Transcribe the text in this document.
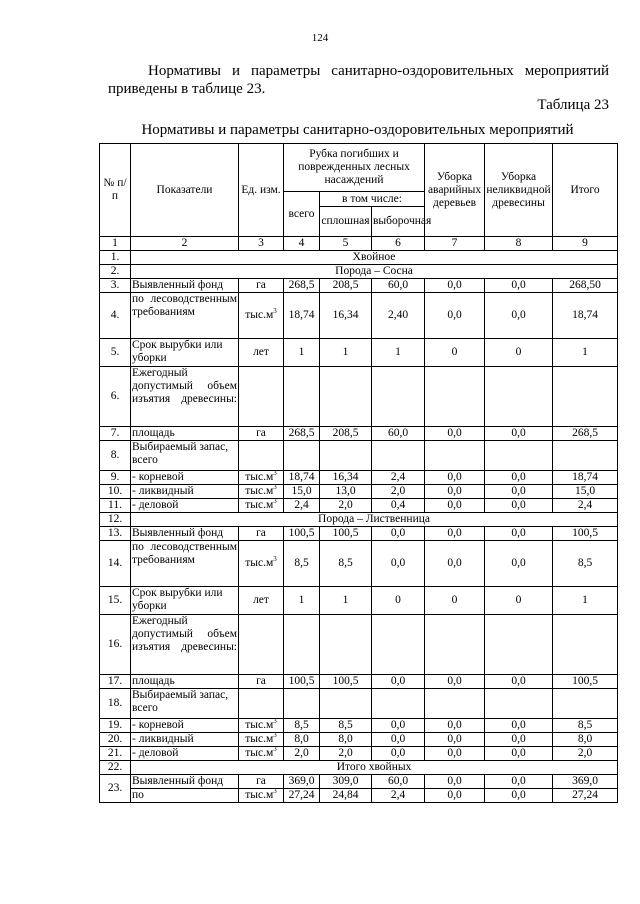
124
Нормативы и параметры санитарно-оздоровительных мероприятий
приведены в таблице 23.
Таблица 23
Нормативы и параметры санитарно-оздоровительных мероприятий
№ п/п	Показатели	Ед. изм.	Рубка погибших и поврежденных лесных насаждений			Уборка аварийных деревьев	Уборка неликвидной древесины	Итого
			всего	в том числе:				
				сплошная	выборочная			
1	2	3	4	5	6	7	8	9
1.	Хвойное							
2.	Порода – Сосна							
3.	Выявленный фонд	га	268,5	208,5	60,0	0,0	0,0	268,50
4.	по лесоводственным требованиям	$тыс.м^3$	18,74	16,34	2,40	0,0	0,0	18,74
5.	Срок вырубки или уборки	лет	1	1	1	0	0	1
6.	Ежегодный допустимый объем изъятия древесины:							
7.	площадь	га	268,5	208,5	60,0	0,0	0,0	268,5
8.	Выбираемый запас, всего							
9.	- корневой	$тыс.м^3$	18,74	16,34	2,4	0,0	0,0	18,74
10.	- ликвидный	$тыс.м^3$	15,0	13,0	2,0	0,0	0,0	15,0
11.	- деловой	$тыс.м^3$	2,4	2,0	0,4	0,0	0,0	2,4
12.	Порода – Лиственница							
13.	Выявленный фонд	га	100,5	100,5	0,0	0,0	0,0	100,5
14.	по лесоводственным требованиям	$тыс.м^3$	8,5	8,5	0,0	0,0	0,0	8,5
15.	Срок вырубки или уборки	лет	1	1	0	0	0	1
16.	Ежегодный допустимый объем изъятия древесины:							
17.	площадь	га	100,5	100,5	0,0	0,0	0,0	100,5
18.	Выбираемый запас, всего							
19.	- корневой	$тыс.м^3$	8,5	8,5	0,0	0,0	0,0	8,5
20.	- ликвидный	$тыс.м^3$	8,0	8,0	0,0	0,0	0,0	8,0
21.	- деловой	$тыс.м^3$	2,0	2,0	0,0	0,0	0,0	2,0
22.	Итого хвойных							
23.	Выявленный фонд	га	369,0	309,0	60,0	0,0	0,0	369,0
	по	$тыс.м^3$	27,24	24,84	2,4	0,0	0,0	27,24
